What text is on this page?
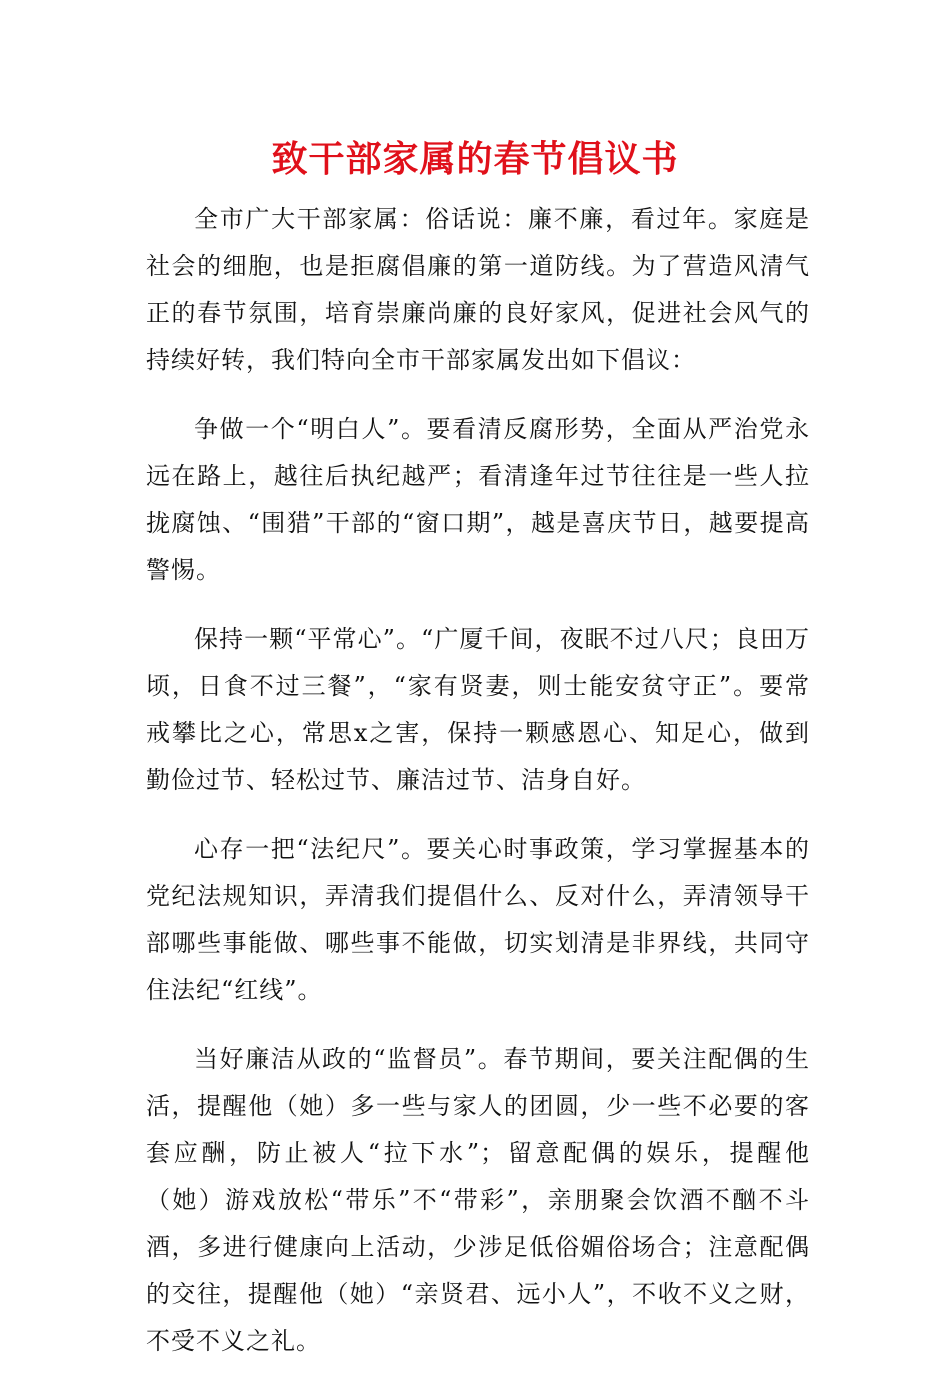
致干部家属的春节倡议书

全市广大干部家属：俗话说：廉不廉，看过年。家庭是社会的细胞，也是拒腐倡廉的第一道防线。为了营造风清气正的春节氛围，培育崇廉尚廉的良好家风，促进社会风气的持续好转，我们特向全市干部家属发出如下倡议：

争做一个“明白人”。要看清反腐形势，全面从严治党永远在路上，越往后执纪越严；看清逢年过节往往是一些人拉拢腐蚀、“围猎”干部的“窗口期”，越是喜庆节日，越要提高警惕。

保持一颗“平常心”。“广厦千间，夜眠不过八尺；良田万顷，日食不过三餐”，“家有贤妻，则士能安贫守正”。要常戒攀比之心，常思x之害，保持一颗感恩心、知足心，做到勤俭过节、轻松过节、廉洁过节、洁身自好。

心存一把“法纪尺”。要关心时事政策，学习掌握基本的党纪法规知识，弄清我们提倡什么、反对什么，弄清领导干部哪些事能做、哪些事不能做，切实划清是非界线，共同守住法纪“红线”。

当好廉洁从政的“监督员”。春节期间，要关注配偶的生活，提醒他（她）多一些与家人的团圆，少一些不必要的客套应酬，防止被人“拉下水”；留意配偶的娱乐，提醒他（她）游戏放松“带乐”不“带彩”，亲朋聚会饮酒不酗不斗酒，多进行健康向上活动，少涉足低俗媚俗场合；注意配偶的交往，提醒他（她）“亲贤君、远小人”，不收不义之财，不受不义之礼。
